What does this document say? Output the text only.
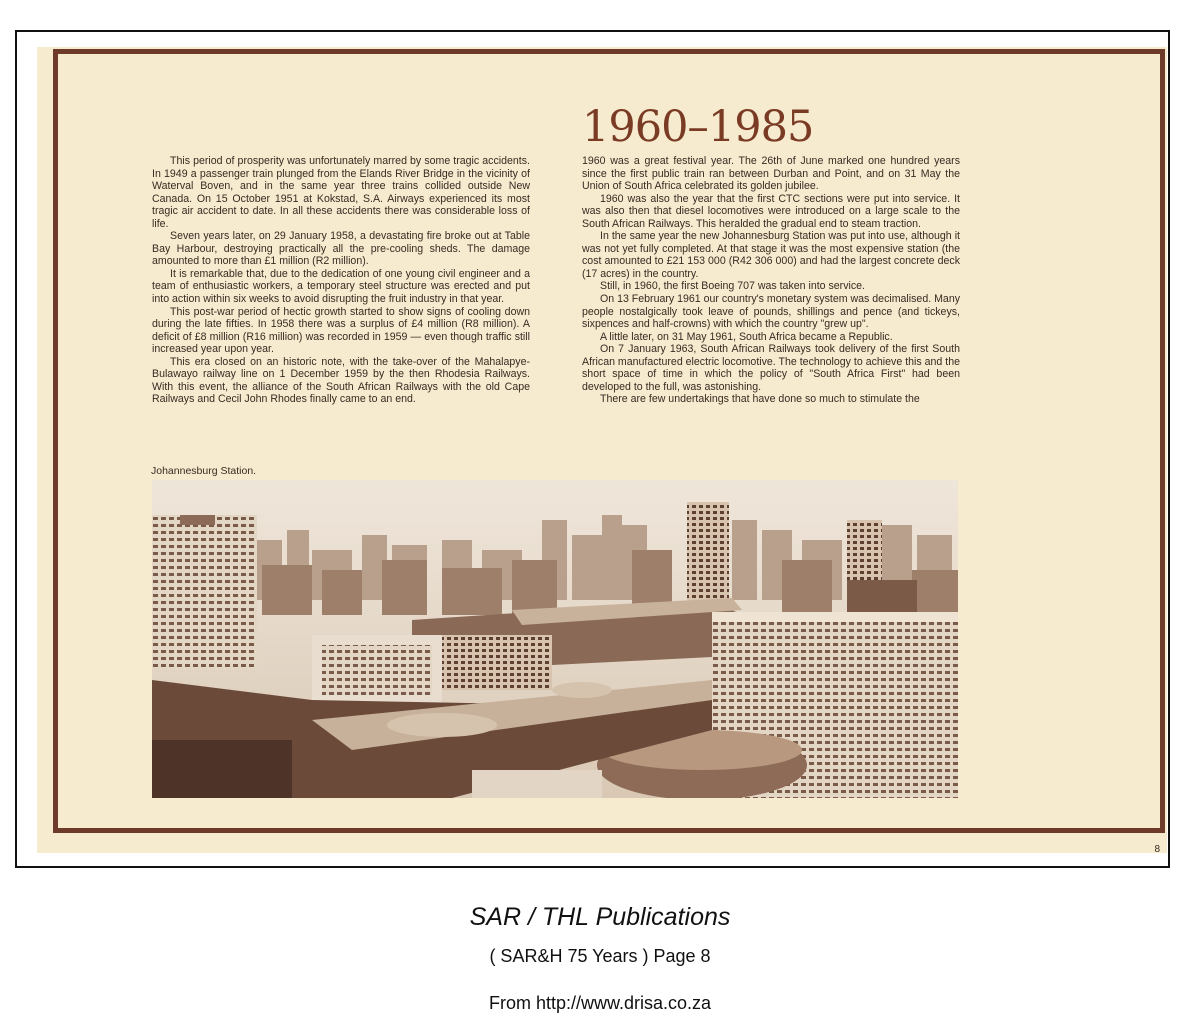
1960–1985

This period of prosperity was unfortunately marred by some tragic accidents. In 1949 a passenger train plunged from the Elands River Bridge in the vicinity of Waterval Boven, and in the same year three trains collided outside New Canada. On 15 October 1951 at Kokstad, S.A. Airways experienced its most tragic air accident to date. In all these accidents there was considerable loss of life.

Seven years later, on 29 January 1958, a devastating fire broke out at Table Bay Harbour, destroying practically all the pre-cooling sheds. The damage amounted to more than £1 million (R2 million).

It is remarkable that, due to the dedication of one young civil engineer and a team of enthusiastic workers, a temporary steel structure was erected and put into action within six weeks to avoid disrupting the fruit industry in that year.

This post-war period of hectic growth started to show signs of cooling down during the late fifties. In 1958 there was a surplus of £4 million (R8 million). A deficit of £8 million (R16 million) was recorded in 1959 — even though traffic still increased year upon year.

This era closed on an historic note, with the take-over of the Mahalapye-Bulawayo railway line on 1 December 1959 by the then Rhodesia Railways. With this event, the alliance of the South African Railways with the old Cape Railways and Cecil John Rhodes finally came to an end.

1960 was a great festival year. The 26th of June marked one hundred years since the first public train ran between Durban and Point, and on 31 May the Union of South Africa celebrated its golden jubilee.

1960 was also the year that the first CTC sections were put into service. It was also then that diesel locomotives were introduced on a large scale to the South African Railways. This heralded the gradual end to steam traction.

In the same year the new Johannesburg Station was put into use, although it was not yet fully completed. At that stage it was the most expensive station (the cost amounted to £21 153 000 (R42 306 000) and had the largest concrete deck (17 acres) in the country.

Still, in 1960, the first Boeing 707 was taken into service.

On 13 February 1961 our country's monetary system was decimalised. Many people nostalgically took leave of pounds, shillings and pence (and tickeys, sixpences and half-crowns) with which the country "grew up".

A little later, on 31 May 1961, South Africa became a Republic.

On 7 January 1963, South African Railways took delivery of the first South African manufactured electric locomotive. The technology to achieve this and the short space of time in which the policy of "South Africa First" had been developed to the full, was astonishing.

There are few undertakings that have done so much to stimulate the

Johannesburg Station.
8
SAR / THL Publications
( SAR&H 75 Years ) Page 8
From http://www.drisa.co.za
